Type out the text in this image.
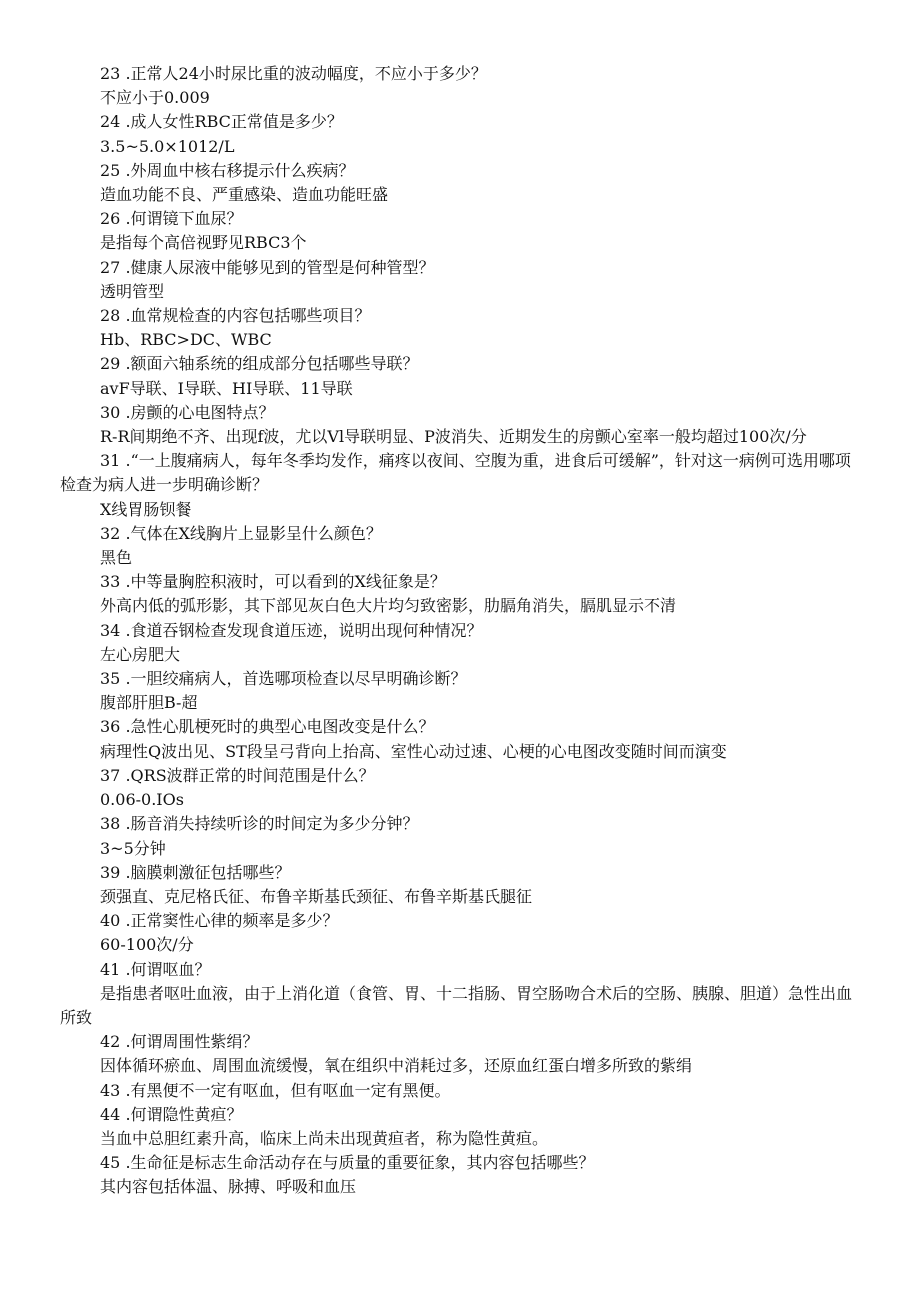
23 .正常人24小时尿比重的波动幅度，不应小于多少？

不应小于0.009

24 .成人女性RBC正常值是多少？

3.5~5.0×1012/L

25 .外周血中核右移提示什么疾病？

造血功能不良、严重感染、造血功能旺盛

26 .何谓镜下血尿？

是指每个高倍视野见RBC3个

27 .健康人尿液中能够见到的管型是何种管型？

透明管型

28 .血常规检查的内容包括哪些项目？

Hb、RBC>DC、WBC

29 .额面六轴系统的组成部分包括哪些导联？

avF导联、I导联、HI导联、11导联

30 .房颤的心电图特点？

R-R间期绝不齐、出现f波，尤以Vl导联明显、P波消失、近期发生的房颤心室率一般均超过100次/分

31 .“一上腹痛病人，每年冬季均发作，痛疼以夜间、空腹为重，进食后可缓解”，针对这一病例可选用哪项检查为病人进一步明确诊断？

X线胃肠钡餐

32 .气体在X线胸片上显影呈什么颜色？

黑色

33 .中等量胸腔积液时，可以看到的X线征象是？

外高内低的弧形影，其下部见灰白色大片均匀致密影，肋膈角消失，膈肌显示不清

34 .食道吞钢检查发现食道压迹，说明出现何种情况？

左心房肥大

35 .一胆绞痛病人，首选哪项检查以尽早明确诊断？

腹部肝胆B-超

36 .急性心肌梗死时的典型心电图改变是什么？

病理性Q波出见、ST段呈弓背向上抬高、室性心动过速、心梗的心电图改变随时间而演变

37 .QRS波群正常的时间范围是什么？

0.06-0.IOs

38 .肠音消失持续听诊的时间定为多少分钟？

3~5分钟

39 .脑膜刺激征包括哪些？

颈强直、克尼格氏征、布鲁辛斯基氏颈征、布鲁辛斯基氏腿征

40 .正常窦性心律的频率是多少？

60-100次/分

41 .何谓呕血？

是指患者呕吐血液，由于上消化道（食管、胃、十二指肠、胃空肠吻合术后的空肠、胰腺、胆道）急性出血所致

42 .何谓周围性紫绢？

因体循环瘀血、周围血流缓慢，氧在组织中消耗过多，还原血红蛋白增多所致的紫绢

43 .有黑便不一定有呕血，但有呕血一定有黑便。

44 .何谓隐性黄疸？

当血中总胆红素升高，临床上尚未出现黄疸者，称为隐性黄疸。

45 .生命征是标志生命活动存在与质量的重要征象，其内容包括哪些？

其内容包括体温、脉搏、呼吸和血压
